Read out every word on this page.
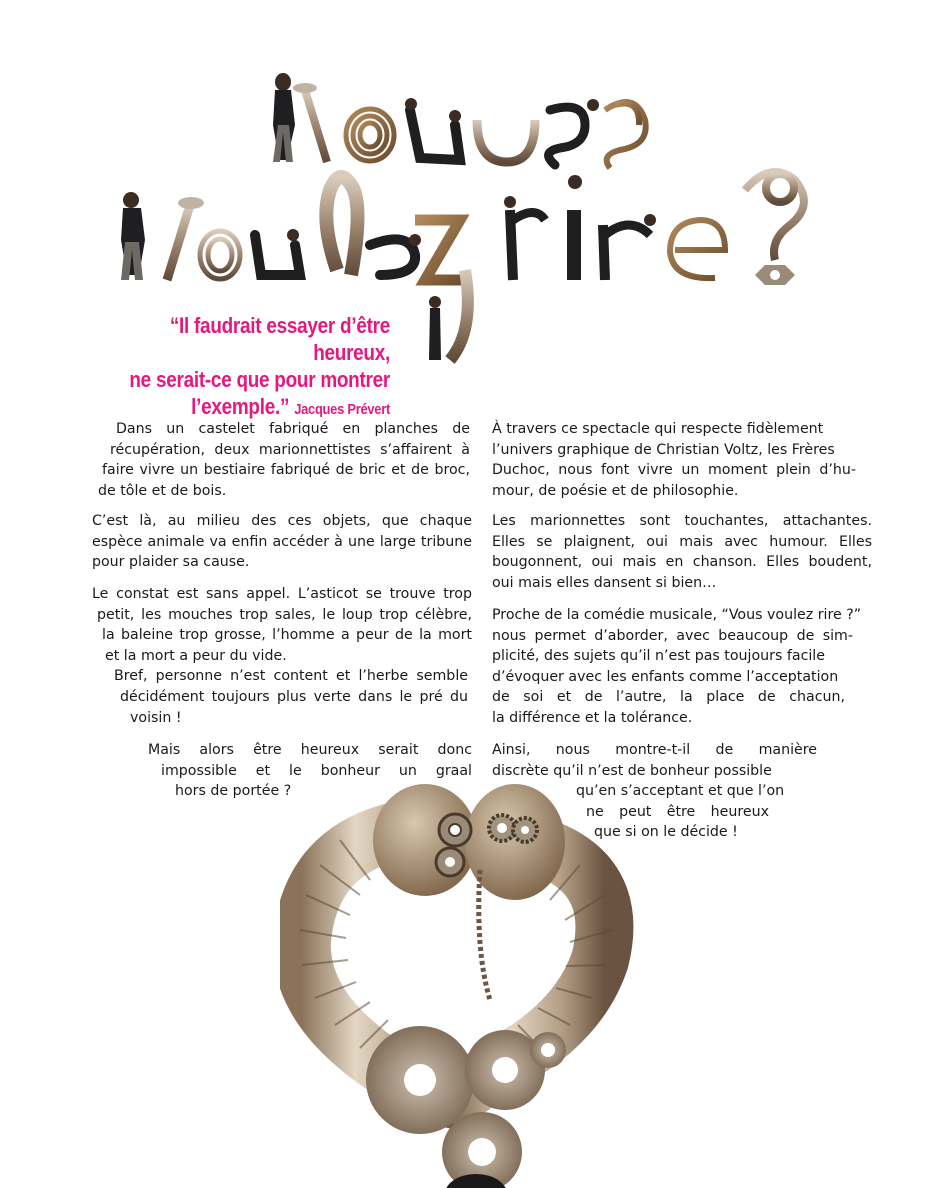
“Il faudrait essayer d’être heureux,
ne serait-ce que pour montrer
l’exemple.” Jacques Prévert
Dans un castelet fabriqué en planches de
récupération, deux marionnettistes s’affairent à
faire vivre un bestiaire fabriqué de bric et de broc,
de tôle et de bois.
C’est là, au milieu des ces objets, que chaque
espèce animale va enfin accéder à une large tribune
pour plaider sa cause.
Le constat est sans appel. L’asticot se trouve trop
petit, les mouches trop sales, le loup trop célèbre,
la baleine trop grosse, l’homme a peur de la mort
et la mort a peur du vide.
Bref, personne n’est content et l’herbe semble
décidément toujours plus verte dans le pré du
voisin !
Mais alors être heureux serait donc
impossible et le bonheur un graal
hors de portée ?
À travers ce spectacle qui respecte fidèlement
l’univers graphique de Christian Voltz, les Frères
Duchoc, nous font vivre un moment plein d’hu-
mour, de poésie et de philosophie.
Les marionnettes sont touchantes, attachantes.
Elles se plaignent, oui mais avec humour. Elles
bougonnent, oui mais en chanson. Elles boudent,
oui mais elles dansent si bien…
Proche de la comédie musicale, “Vous voulez rire ?”
nous permet d’aborder, avec beaucoup de sim-
plicité, des sujets qu’il n’est pas toujours facile
d’évoquer avec les enfants comme l’acceptation
de soi et de l’autre, la place de chacun,
la différence et la tolérance.
Ainsi, nous montre-t-il de manière
discrète qu’il n’est de bonheur possible
qu’en s’acceptant et que l’on
ne peut être heureux
que si on le décide !
